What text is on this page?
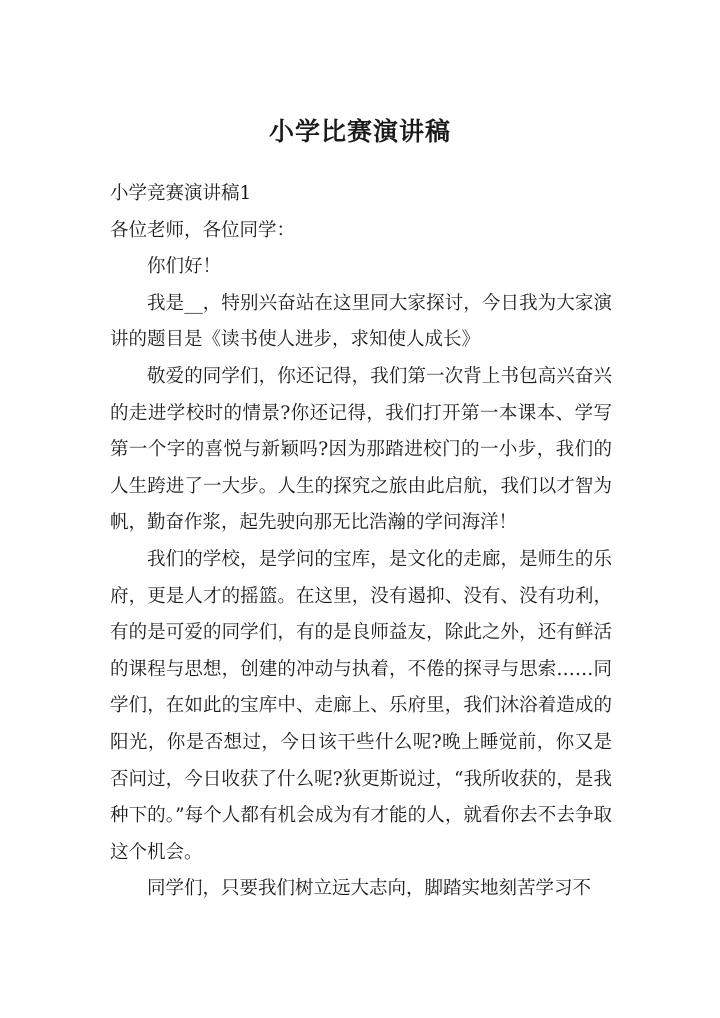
小学比赛演讲稿

小学竞赛演讲稿1

各位老师，各位同学：

你们好！

我是__，特别兴奋站在这里同大家探讨，今日我为大家演讲的题目是《读书使人进步，求知使人成长》

敬爱的同学们，你还记得，我们第一次背上书包高兴奋兴的走进学校时的情景?你还记得，我们打开第一本课本、学写第一个字的喜悦与新颖吗?因为那踏进校门的一小步，我们的人生跨进了一大步。人生的探究之旅由此启航，我们以才智为帆，勤奋作浆，起先驶向那无比浩瀚的学问海洋！

我们的学校，是学问的宝库，是文化的走廊，是师生的乐府，更是人才的摇篮。在这里，没有遏抑、没有、没有功利，有的是可爱的同学们，有的是良师益友，除此之外，还有鲜活的课程与思想，创建的冲动与执着，不倦的探寻与思索……同学们，在如此的宝库中、走廊上、乐府里，我们沐浴着造成的阳光，你是否想过，今日该干些什么呢?晚上睡觉前，你又是否问过，今日收获了什么呢?狄更斯说过，“我所收获的，是我种下的。”每个人都有机会成为有才能的人，就看你去不去争取这个机会。

同学们，只要我们树立远大志向，脚踏实地刻苦学习不
